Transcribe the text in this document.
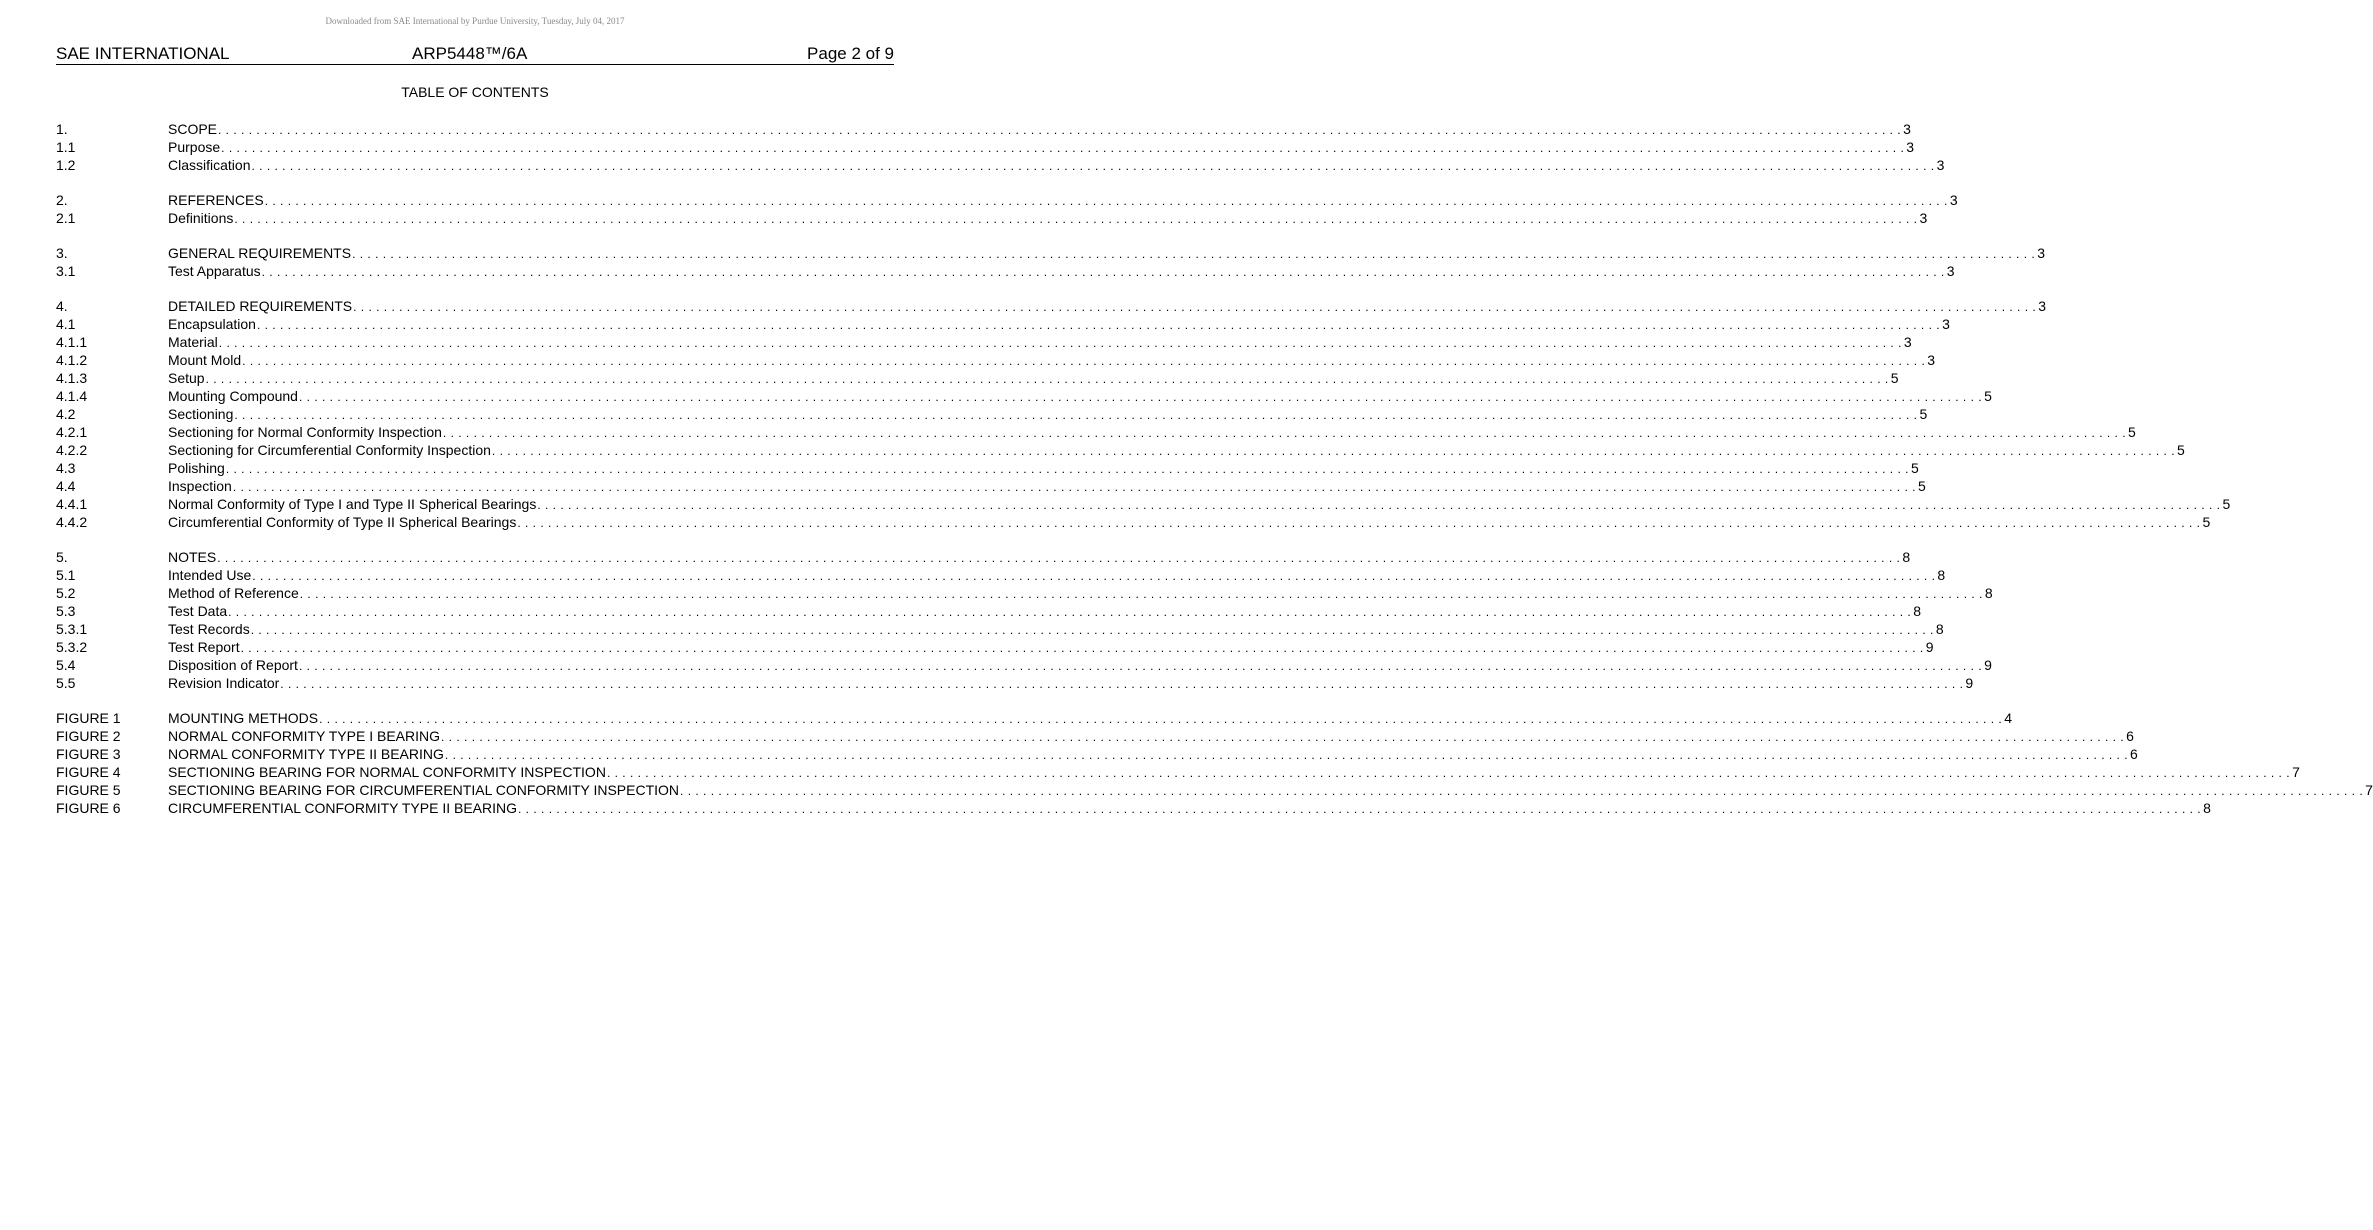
Downloaded from SAE International by Purdue University, Tuesday, July 04, 2017
SAE INTERNATIONAL	ARP5448™/6A	Page 2 of 9
TABLE OF CONTENTS
1.	SCOPE . . . . . . . . . . . . . . . . . . . . . . . . . . . . . . . . . . . . . . . . . . . . . . . . . . . . . . . . . . . . . . . . . . . . . . . . . . . . . . . . . . . . . . . . . . . . . . . . . . . . . . . . . . . . . . . . . . . . . . . . . . . . . . . . . . . . . . . . . . . . . . . . . . . . . . . . . . . . . . . . . . . . . . . . . . . . . . . . . . . . . . . . . . . . . . . . . . . . . . . . . . . . . . . . . . . . . . . . . . . . 3
1.1	Purpose . . . . . . . . . . . . . . . . . . . . . . . . . . . . . . . . . . . . . . . . . . . . . . . . . . . . . . . . . . . . . . . . . . . . . . . . . . . . . . . . . . . . . . . . . . . . . . . . . . . . . . . . . . . . . . . . . . . . . . . . . . . . . . . . . . . . . . . . . . . . . . . . . . . . . . . . . . . . . . . . . . . . . . . . . . . . . . . . . . . . . . . . . . . . . . . . . . . . . . . . . . . . . . . . . . . . . . . . . . . . 3
1.2	Classification . . . . . . . . . . . . . . . . . . . . . . . . . . . . . . . . . . . . . . . . . . . . . . . . . . . . . . . . . . . . . . . . . . . . . . . . . . . . . . . . . . . . . . . . . . . . . . . . . . . . . . . . . . . . . . . . . . . . . . . . . . . . . . . . . . . . . . . . . . . . . . . . . . . . . . . . . . . . . . . . . . . . . . . . . . . . . . . . . . . . . . . . . . . . . . . . . . . . . . . . . . . . . . . . . . . . . . . . . . . . 3
2.	REFERENCES . . . . . . . . . . . . . . . . . . . . . . . . . . . . . . . . . . . . . . . . . . . . . . . . . . . . . . . . . . . . . . . . . . . . . . . . . . . . . . . . . . . . . . . . . . . . . . . . . . . . . . . . . . . . . . . . . . . . . . . . . . . . . . . . . . . . . . . . . . . . . . . . . . . . . . . . . . . . . . . . . . . . . . . . . . . . . . . . . . . . . . . . . . . . . . . . . . . . . . . . . . . . . . . . . . . . . . . . . . . . 3
2.1	Definitions . . . . . . . . . . . . . . . . . . . . . . . . . . . . . . . . . . . . . . . . . . . . . . . . . . . . . . . . . . . . . . . . . . . . . . . . . . . . . . . . . . . . . . . . . . . . . . . . . . . . . . . . . . . . . . . . . . . . . . . . . . . . . . . . . . . . . . . . . . . . . . . . . . . . . . . . . . . . . . . . . . . . . . . . . . . . . . . . . . . . . . . . . . . . . . . . . . . . . . . . . . . . . . . . . . . . . . . . . . . . 3
3.	GENERAL REQUIREMENTS . . . . . . . . . . . . . . . . . . . . . . . . . . . . . . . . . . . . . . . . . . . . . . . . . . . . . . . . . . . . . . . . . . . . . . . . . . . . . . . . . . . . . . . . . . . . . . . . . . . . . . . . . . . . . . . . . . . . . . . . . . . . . . . . . . . . . . . . . . . . . . . . . . . . . . . . . . . . . . . . . . . . . . . . . . . . . . . . . . . . . . . . . . . . . . . . . . . . . . . . . . . . . . . . . . . . . . . . . . . . 3
3.1	Test Apparatus . . . . . . . . . . . . . . . . . . . . . . . . . . . . . . . . . . . . . . . . . . . . . . . . . . . . . . . . . . . . . . . . . . . . . . . . . . . . . . . . . . . . . . . . . . . . . . . . . . . . . . . . . . . . . . . . . . . . . . . . . . . . . . . . . . . . . . . . . . . . . . . . . . . . . . . . . . . . . . . . . . . . . . . . . . . . . . . . . . . . . . . . . . . . . . . . . . . . . . . . . . . . . . . . . . . . . . . . . . . . 3
4.	DETAILED REQUIREMENTS . . . . . . . . . . . . . . . . . . . . . . . . . . . . . . . . . . . . . . . . . . . . . . . . . . . . . . . . . . . . . . . . . . . . . . . . . . . . . . . . . . . . . . . . . . . . . . . . . . . . . . . . . . . . . . . . . . . . . . . . . . . . . . . . . . . . . . . . . . . . . . . . . . . . . . . . . . . . . . . . . . . . . . . . . . . . . . . . . . . . . . . . . . . . . . . . . . . . . . . . . . . . . . . . . . . . . . . . . . . . 3
4.1	Encapsulation . . . . . . . . . . . . . . . . . . . . . . . . . . . . . . . . . . . . . . . . . . . . . . . . . . . . . . . . . . . . . . . . . . . . . . . . . . . . . . . . . . . . . . . . . . . . . . . . . . . . . . . . . . . . . . . . . . . . . . . . . . . . . . . . . . . . . . . . . . . . . . . . . . . . . . . . . . . . . . . . . . . . . . . . . . . . . . . . . . . . . . . . . . . . . . . . . . . . . . . . . . . . . . . . . . . . . . . . . . . . 3
4.1.1	Material . . . . . . . . . . . . . . . . . . . . . . . . . . . . . . . . . . . . . . . . . . . . . . . . . . . . . . . . . . . . . . . . . . . . . . . . . . . . . . . . . . . . . . . . . . . . . . . . . . . . . . . . . . . . . . . . . . . . . . . . . . . . . . . . . . . . . . . . . . . . . . . . . . . . . . . . . . . . . . . . . . . . . . . . . . . . . . . . . . . . . . . . . . . . . . . . . . . . . . . . . . . . . . . . . . . . . . . . . . . . 3
4.1.2	Mount Mold . . . . . . . . . . . . . . . . . . . . . . . . . . . . . . . . . . . . . . . . . . . . . . . . . . . . . . . . . . . . . . . . . . . . . . . . . . . . . . . . . . . . . . . . . . . . . . . . . . . . . . . . . . . . . . . . . . . . . . . . . . . . . . . . . . . . . . . . . . . . . . . . . . . . . . . . . . . . . . . . . . . . . . . . . . . . . . . . . . . . . . . . . . . . . . . . . . . . . . . . . . . . . . . . . . . . . . . . . . . . 3
4.1.3	Setup . . . . . . . . . . . . . . . . . . . . . . . . . . . . . . . . . . . . . . . . . . . . . . . . . . . . . . . . . . . . . . . . . . . . . . . . . . . . . . . . . . . . . . . . . . . . . . . . . . . . . . . . . . . . . . . . . . . . . . . . . . . . . . . . . . . . . . . . . . . . . . . . . . . . . . . . . . . . . . . . . . . . . . . . . . . . . . . . . . . . . . . . . . . . . . . . . . . . . . . . . . . . . . . . . . . . . . . . . . . . 5
4.1.4	Mounting Compound . . . . . . . . . . . . . . . . . . . . . . . . . . . . . . . . . . . . . . . . . . . . . . . . . . . . . . . . . . . . . . . . . . . . . . . . . . . . . . . . . . . . . . . . . . . . . . . . . . . . . . . . . . . . . . . . . . . . . . . . . . . . . . . . . . . . . . . . . . . . . . . . . . . . . . . . . . . . . . . . . . . . . . . . . . . . . . . . . . . . . . . . . . . . . . . . . . . . . . . . . . . . . . . . . . . . . . . . . . . . 5
4.2	Sectioning . . . . . . . . . . . . . . . . . . . . . . . . . . . . . . . . . . . . . . . . . . . . . . . . . . . . . . . . . . . . . . . . . . . . . . . . . . . . . . . . . . . . . . . . . . . . . . . . . . . . . . . . . . . . . . . . . . . . . . . . . . . . . . . . . . . . . . . . . . . . . . . . . . . . . . . . . . . . . . . . . . . . . . . . . . . . . . . . . . . . . . . . . . . . . . . . . . . . . . . . . . . . . . . . . . . . . . . . . . . . 5
4.2.1	Sectioning for Normal Conformity Inspection . . . . . . . . . . . . . . . . . . . . . . . . . . . . . . . . . . . . . . . . . . . . . . . . . . . . . . . . . . . . . . . . . . . . . . . . . . . . . . . . . . . . . . . . . . . . . . . . . . . . . . . . . . . . . . . . . . . . . . . . . . . . . . . . . . . . . . . . . . . . . . . . . . . . . . . . . . . . . . . . . . . . . . . . . . . . . . . . . . . . . . . . . . . . . . . . . . . . . . . . . . . . . . . . . . . . . . . . . . . . 5
4.2.2	Sectioning for Circumferential Conformity Inspection . . . . . . . . . . . . . . . . . . . . . . . . . . . . . . . . . . . . . . . . . . . . . . . . . . . . . . . . . . . . . . . . . . . . . . . . . . . . . . . . . . . . . . . . . . . . . . . . . . . . . . . . . . . . . . . . . . . . . . . . . . . . . . . . . . . . . . . . . . . . . . . . . . . . . . . . . . . . . . . . . . . . . . . . . . . . . . . . . . . . . . . . . . . . . . . . . . . . . . . . . . . . . . . . . . . . . . . . . . . . 5
4.3	Polishing . . . . . . . . . . . . . . . . . . . . . . . . . . . . . . . . . . . . . . . . . . . . . . . . . . . . . . . . . . . . . . . . . . . . . . . . . . . . . . . . . . . . . . . . . . . . . . . . . . . . . . . . . . . . . . . . . . . . . . . . . . . . . . . . . . . . . . . . . . . . . . . . . . . . . . . . . . . . . . . . . . . . . . . . . . . . . . . . . . . . . . . . . . . . . . . . . . . . . . . . . . . . . . . . . . . . . . . . . . . . 5
4.4	Inspection . . . . . . . . . . . . . . . . . . . . . . . . . . . . . . . . . . . . . . . . . . . . . . . . . . . . . . . . . . . . . . . . . . . . . . . . . . . . . . . . . . . . . . . . . . . . . . . . . . . . . . . . . . . . . . . . . . . . . . . . . . . . . . . . . . . . . . . . . . . . . . . . . . . . . . . . . . . . . . . . . . . . . . . . . . . . . . . . . . . . . . . . . . . . . . . . . . . . . . . . . . . . . . . . . . . . . . . . . . . . 5
4.4.1	Normal Conformity of Type I and Type II Spherical Bearings . . . . . . . . . . . . . . . . . . . . . . . . . . . . . . . . . . . . . . . . . . . . . . . . . . . . . . . . . . . . . . . . . . . . . . . . . . . . . . . . . . . . . . . . . . . . . . . . . . . . . . . . . . . . . . . . . . . . . . . . . . . . . . . . . . . . . . . . . . . . . . . . . . . . . . . . . . . . . . . . . . . . . . . . . . . . . . . . . . . . . . . . . . . . . . . . . . . . . . . . . . . . . . . . . . . . . . . . . . . . 5
4.4.2	Circumferential Conformity of Type II Spherical Bearings . . . . . . . . . . . . . . . . . . . . . . . . . . . . . . . . . . . . . . . . . . . . . . . . . . . . . . . . . . . . . . . . . . . . . . . . . . . . . . . . . . . . . . . . . . . . . . . . . . . . . . . . . . . . . . . . . . . . . . . . . . . . . . . . . . . . . . . . . . . . . . . . . . . . . . . . . . . . . . . . . . . . . . . . . . . . . . . . . . . . . . . . . . . . . . . . . . . . . . . . . . . . . . . . . . . . . . . . . . . . 5
5.	NOTES . . . . . . . . . . . . . . . . . . . . . . . . . . . . . . . . . . . . . . . . . . . . . . . . . . . . . . . . . . . . . . . . . . . . . . . . . . . . . . . . . . . . . . . . . . . . . . . . . . . . . . . . . . . . . . . . . . . . . . . . . . . . . . . . . . . . . . . . . . . . . . . . . . . . . . . . . . . . . . . . . . . . . . . . . . . . . . . . . . . . . . . . . . . . . . . . . . . . . . . . . . . . . . . . . . . . . . . . . . . . 8
5.1	Intended Use . . . . . . . . . . . . . . . . . . . . . . . . . . . . . . . . . . . . . . . . . . . . . . . . . . . . . . . . . . . . . . . . . . . . . . . . . . . . . . . . . . . . . . . . . . . . . . . . . . . . . . . . . . . . . . . . . . . . . . . . . . . . . . . . . . . . . . . . . . . . . . . . . . . . . . . . . . . . . . . . . . . . . . . . . . . . . . . . . . . . . . . . . . . . . . . . . . . . . . . . . . . . . . . . . . . . . . . . . . . . 8
5.2	Method of Reference . . . . . . . . . . . . . . . . . . . . . . . . . . . . . . . . . . . . . . . . . . . . . . . . . . . . . . . . . . . . . . . . . . . . . . . . . . . . . . . . . . . . . . . . . . . . . . . . . . . . . . . . . . . . . . . . . . . . . . . . . . . . . . . . . . . . . . . . . . . . . . . . . . . . . . . . . . . . . . . . . . . . . . . . . . . . . . . . . . . . . . . . . . . . . . . . . . . . . . . . . . . . . . . . . . . . . . . . . . . . 8
5.3	Test Data . . . . . . . . . . . . . . . . . . . . . . . . . . . . . . . . . . . . . . . . . . . . . . . . . . . . . . . . . . . . . . . . . . . . . . . . . . . . . . . . . . . . . . . . . . . . . . . . . . . . . . . . . . . . . . . . . . . . . . . . . . . . . . . . . . . . . . . . . . . . . . . . . . . . . . . . . . . . . . . . . . . . . . . . . . . . . . . . . . . . . . . . . . . . . . . . . . . . . . . . . . . . . . . . . . . . . . . . . . . . 8
5.3.1	Test Records . . . . . . . . . . . . . . . . . . . . . . . . . . . . . . . . . . . . . . . . . . . . . . . . . . . . . . . . . . . . . . . . . . . . . . . . . . . . . . . . . . . . . . . . . . . . . . . . . . . . . . . . . . . . . . . . . . . . . . . . . . . . . . . . . . . . . . . . . . . . . . . . . . . . . . . . . . . . . . . . . . . . . . . . . . . . . . . . . . . . . . . . . . . . . . . . . . . . . . . . . . . . . . . . . . . . . . . . . . . . 8
5.3.2	Test Report . . . . . . . . . . . . . . . . . . . . . . . . . . . . . . . . . . . . . . . . . . . . . . . . . . . . . . . . . . . . . . . . . . . . . . . . . . . . . . . . . . . . . . . . . . . . . . . . . . . . . . . . . . . . . . . . . . . . . . . . . . . . . . . . . . . . . . . . . . . . . . . . . . . . . . . . . . . . . . . . . . . . . . . . . . . . . . . . . . . . . . . . . . . . . . . . . . . . . . . . . . . . . . . . . . . . . . . . . . . . 9
5.4	Disposition of Report . . . . . . . . . . . . . . . . . . . . . . . . . . . . . . . . . . . . . . . . . . . . . . . . . . . . . . . . . . . . . . . . . . . . . . . . . . . . . . . . . . . . . . . . . . . . . . . . . . . . . . . . . . . . . . . . . . . . . . . . . . . . . . . . . . . . . . . . . . . . . . . . . . . . . . . . . . . . . . . . . . . . . . . . . . . . . . . . . . . . . . . . . . . . . . . . . . . . . . . . . . . . . . . . . . . . . . . . . . . . 9
5.5	Revision Indicator . . . . . . . . . . . . . . . . . . . . . . . . . . . . . . . . . . . . . . . . . . . . . . . . . . . . . . . . . . . . . . . . . . . . . . . . . . . . . . . . . . . . . . . . . . . . . . . . . . . . . . . . . . . . . . . . . . . . . . . . . . . . . . . . . . . . . . . . . . . . . . . . . . . . . . . . . . . . . . . . . . . . . . . . . . . . . . . . . . . . . . . . . . . . . . . . . . . . . . . . . . . . . . . . . . . . . . . . . . . . 9
FIGURE 1	MOUNTING METHODS . . . . . . . . . . . . . . . . . . . . . . . . . . . . . . . . . . . . . . . . . . . . . . . . . . . . . . . . . . . . . . . . . . . . . . . . . . . . . . . . . . . . . . . . . . . . . . . . . . . . . . . . . . . . . . . . . . . . . . . . . . . . . . . . . . . . . . . . . . . . . . . . . . . . . . . . . . . . . . . . . . . . . . . . . . . . . . . . . . . . . . . . . . . . . . . . . . . . . . . . . . . . . . . . . . . . . . . . . . . . 4
FIGURE 2	NORMAL CONFORMITY TYPE I BEARING . . . . . . . . . . . . . . . . . . . . . . . . . . . . . . . . . . . . . . . . . . . . . . . . . . . . . . . . . . . . . . . . . . . . . . . . . . . . . . . . . . . . . . . . . . . . . . . . . . . . . . . . . . . . . . . . . . . . . . . . . . . . . . . . . . . . . . . . . . . . . . . . . . . . . . . . . . . . . . . . . . . . . . . . . . . . . . . . . . . . . . . . . . . . . . . . . . . . . . . . . . . . . . . . . . . . . . . . . . . . 6
FIGURE 3	NORMAL CONFORMITY TYPE II BEARING . . . . . . . . . . . . . . . . . . . . . . . . . . . . . . . . . . . . . . . . . . . . . . . . . . . . . . . . . . . . . . . . . . . . . . . . . . . . . . . . . . . . . . . . . . . . . . . . . . . . . . . . . . . . . . . . . . . . . . . . . . . . . . . . . . . . . . . . . . . . . . . . . . . . . . . . . . . . . . . . . . . . . . . . . . . . . . . . . . . . . . . . . . . . . . . . . . . . . . . . . . . . . . . . . . . . . . . . . . . . 6
FIGURE 4	SECTIONING BEARING FOR NORMAL CONFORMITY INSPECTION . . . . . . . . . . . . . . . . . . . . . . . . . . . . . . . . . . . . . . . . . . . . . . . . . . . . . . . . . . . . . . . . . . . . . . . . . . . . . . . . . . . . . . . . . . . . . . . . . . . . . . . . . . . . . . . . . . . . . . . . . . . . . . . . . . . . . . . . . . . . . . . . . . . . . . . . . . . . . . . . . . . . . . . . . . . . . . . . . . . . . . . . . . . . . . . . . . . . . . . . . . . . . . . . . . . . . . . . . . . . 7
FIGURE 5	SECTIONING BEARING FOR CIRCUMFERENTIAL CONFORMITY INSPECTION . . . . . . . . . . . . . . . . . . . . . . . . . . . . . . . . . . . . . . . . . . . . . . . . . . . . . . . . . . . . . . . . . . . . . . . . . . . . . . . . . . . . . . . . . . . . . . . . . . . . . . . . . . . . . . . . . . . . . . . . . . . . . . . . . . . . . . . . . . . . . . . . . . . . . . . . . . . . . . . . . . . . . . . . . . . . . . . . . . . . . . . . . . . . . . . . . . . . . . . . . . . . . . . . . . . . . . . . . . . . 7
FIGURE 6	CIRCUMFERENTIAL CONFORMITY TYPE II BEARING . . . . . . . . . . . . . . . . . . . . . . . . . . . . . . . . . . . . . . . . . . . . . . . . . . . . . . . . . . . . . . . . . . . . . . . . . . . . . . . . . . . . . . . . . . . . . . . . . . . . . . . . . . . . . . . . . . . . . . . . . . . . . . . . . . . . . . . . . . . . . . . . . . . . . . . . . . . . . . . . . . . . . . . . . . . . . . . . . . . . . . . . . . . . . . . . . . . . . . . . . . . . . . . . . . . . . . . . . . . . 8
